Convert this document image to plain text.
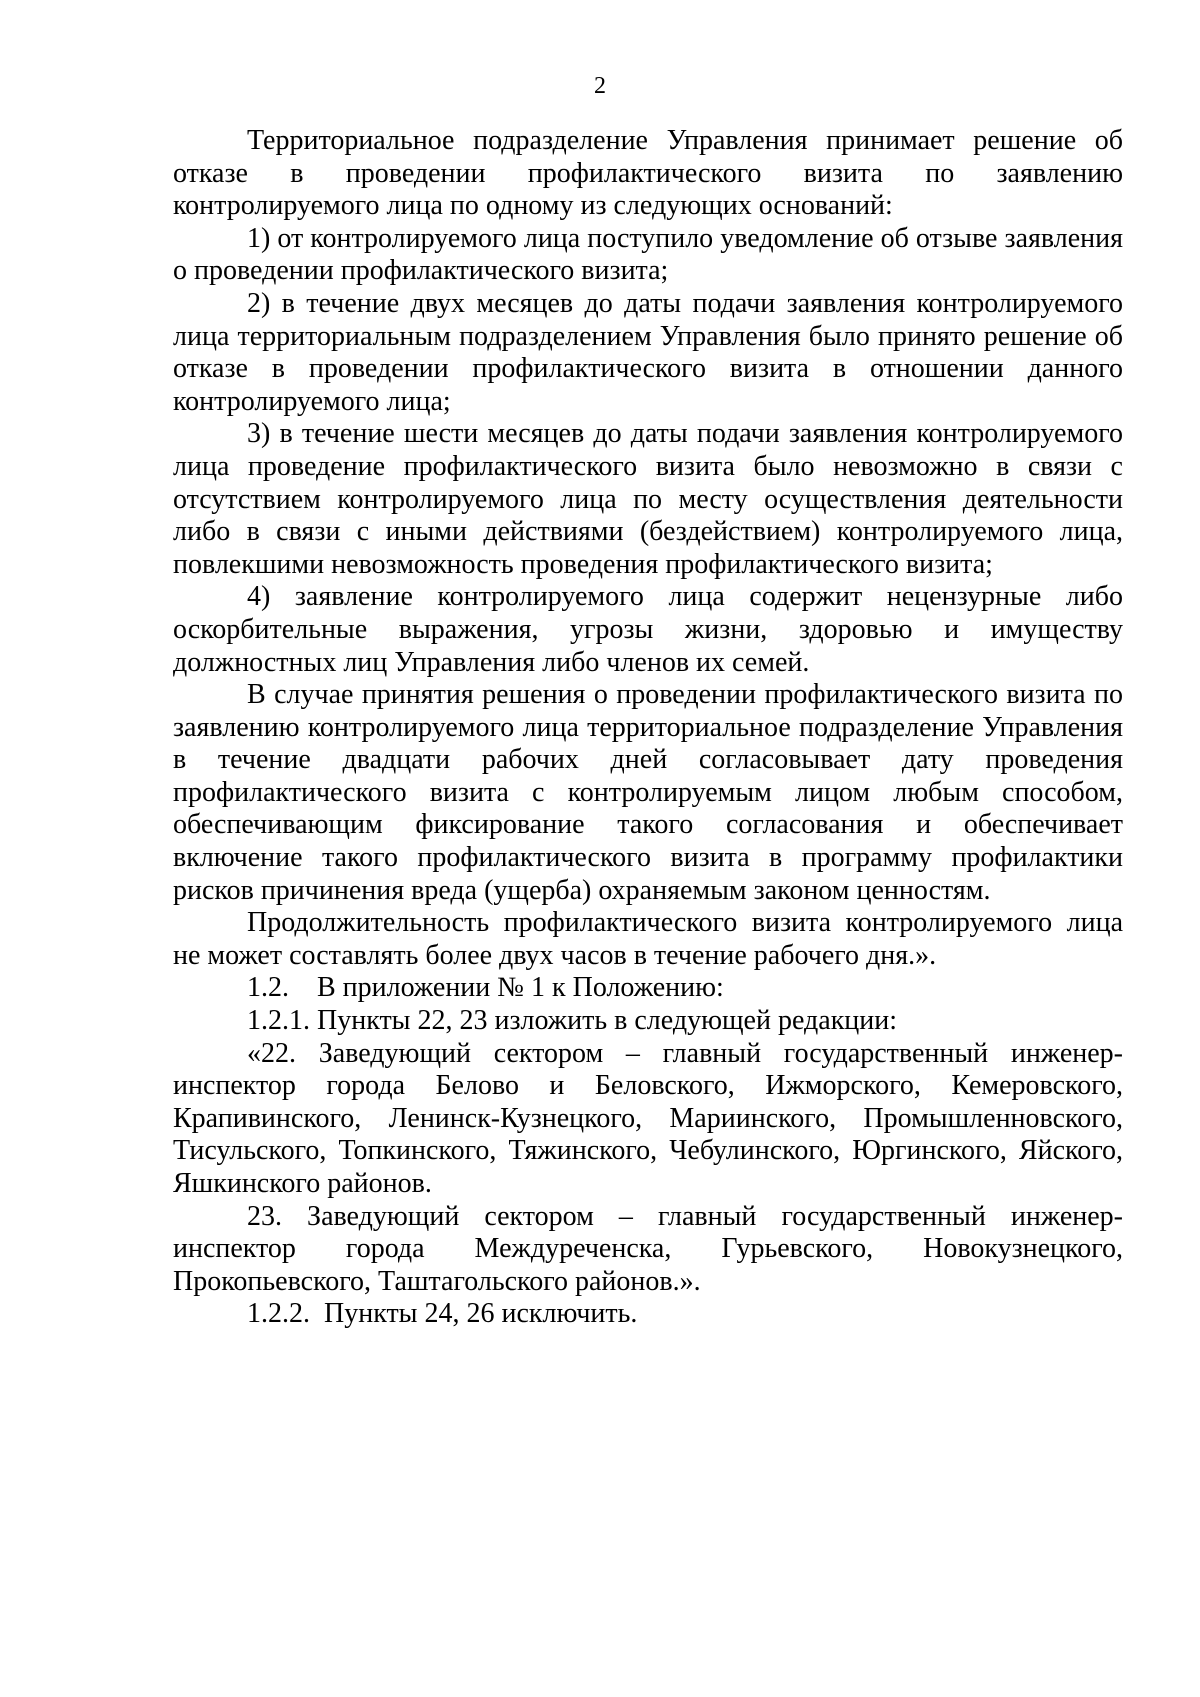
2

Территориальное подразделение Управления принимает решение об отказе в проведении профилактического визита по заявлению контролируемого лица по одному из следующих оснований:

1) от контролируемого лица поступило уведомление об отзыве заявления о проведении профилактического визита;

2) в течение двух месяцев до даты подачи заявления контролируемого лица территориальным подразделением Управления было принято решение об отказе в проведении профилактического визита в отношении данного контролируемого лица;

3) в течение шести месяцев до даты подачи заявления контролируемого лица проведение профилактического визита было невозможно в связи с отсутствием контролируемого лица по месту осуществления деятельности либо в связи с иными действиями (бездействием) контролируемого лица, повлекшими невозможность проведения профилактического визита;

4) заявление контролируемого лица содержит нецензурные либо оскорбительные выражения, угрозы жизни, здоровью и имуществу должностных лиц Управления либо членов их семей.

В случае принятия решения о проведении профилактического визита по заявлению контролируемого лица территориальное подразделение Управления в течение двадцати рабочих дней согласовывает дату проведения профилактического визита с контролируемым лицом любым способом, обеспечивающим фиксирование такого согласования и обеспечивает включение такого профилактического визита в программу профилактики рисков причинения вреда (ущерба) охраняемым законом ценностям.

Продолжительность профилактического визита контролируемого лица не может составлять более двух часов в течение рабочего дня.».

1.2.    В приложении № 1 к Положению:

1.2.1. Пункты 22, 23 изложить в следующей редакции:

«22. Заведующий сектором – главный государственный инженер-инспектор города Белово и Беловского, Ижморского, Кемеровского, Крапивинского, Ленинск-Кузнецкого, Мариинского, Промышленновского, Тисульского, Топкинского, Тяжинского, Чебулинского, Юргинского, Яйского, Яшкинского районов.

23. Заведующий сектором – главный государственный инженер-инспектор города Междуреченска, Гурьевского, Новокузнецкого, Прокопьевского, Таштагольского районов.».

1.2.2.  Пункты 24, 26 исключить.
